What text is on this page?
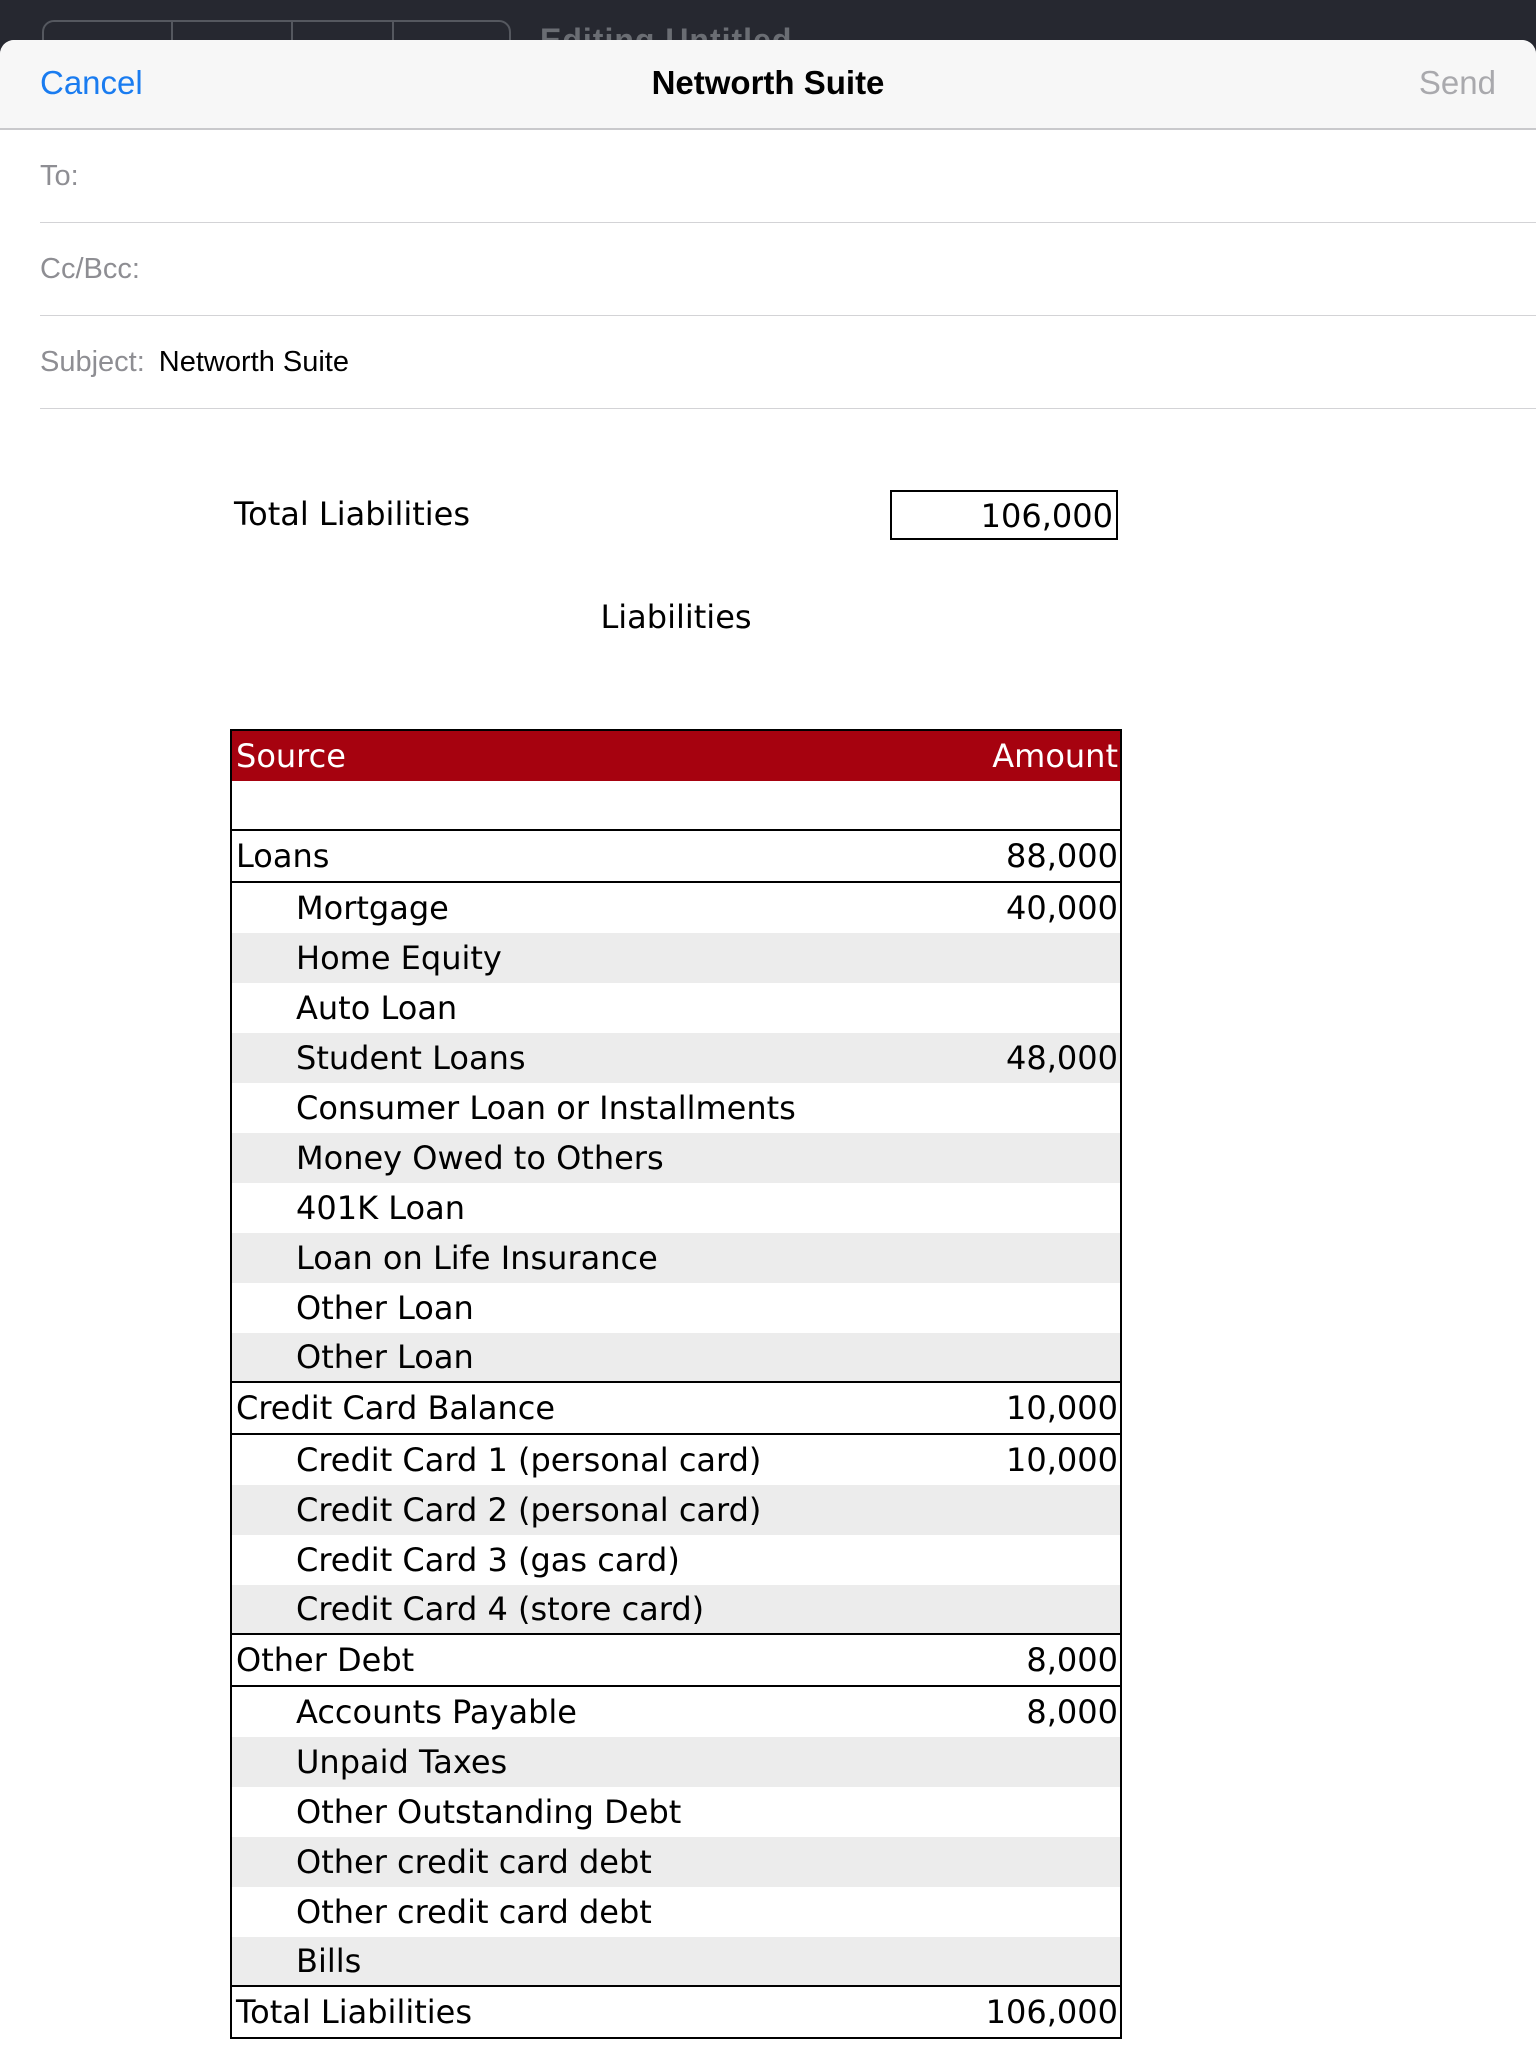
Cancel	Networth Suite	Send
To:
Cc/Bcc:
Subject: Networth Suite
Total Liabilities	106,000
Liabilities
Source	Amount
Loans	88,000
Mortgage	40,000
Home Equity
Auto Loan
Student Loans	48,000
Consumer Loan or Installments
Money Owed to Others
401K Loan
Loan on Life Insurance
Other Loan
Other Loan
Credit Card Balance	10,000
Credit Card 1 (personal card)	10,000
Credit Card 2 (personal card)
Credit Card 3 (gas card)
Credit Card 4 (store card)
Other Debt	8,000
Accounts Payable	8,000
Unpaid Taxes
Other Outstanding Debt
Other credit card debt
Other credit card debt
Bills
Total Liabilities	106,000
